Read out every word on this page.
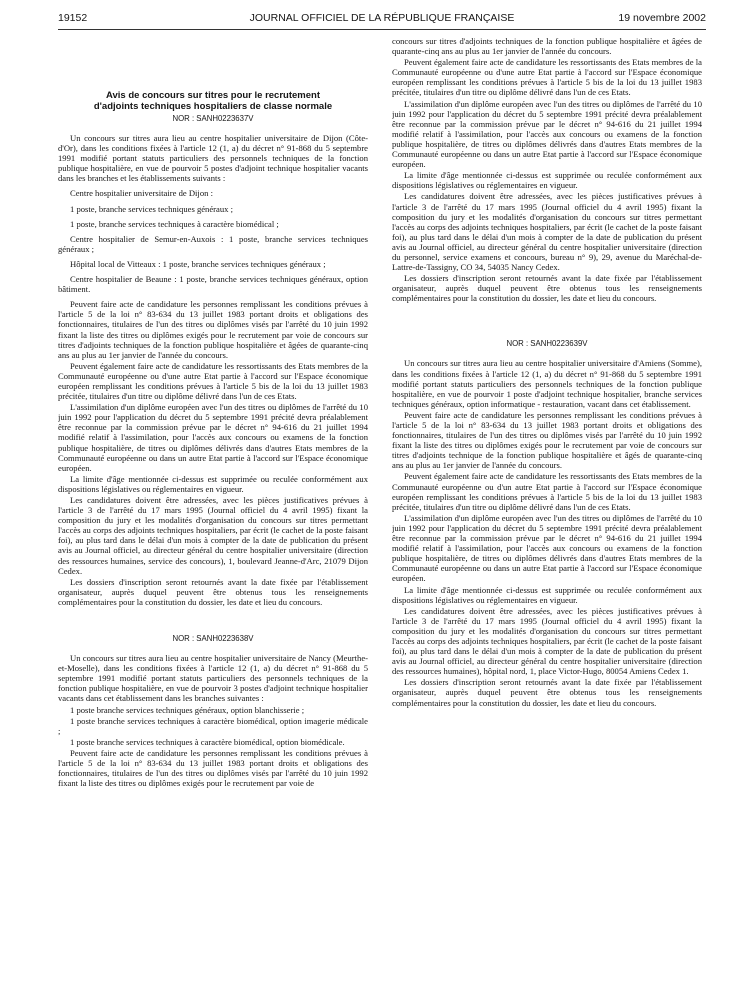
19152	JOURNAL OFFICIEL DE LA RÉPUBLIQUE FRANÇAISE	19 novembre 2002
Avis de concours sur titres pour le recrutement
d'adjoints techniques hospitaliers de classe normale
NOR : SANH0223637V

Un concours sur titres aura lieu au centre hospitalier universitaire de Dijon (Côte-d'Or), dans les conditions fixées à l'article 12 (1, a) du décret n° 91-868 du 5 septembre 1991 modifié portant statuts particuliers des personnels techniques de la fonction publique hospitalière, en vue de pourvoir 5 postes d'adjoint technique hospitalier vacants dans les branches et les établissements suivants :

Centre hospitalier universitaire de Dijon :

1 poste, branche services techniques généraux ;

1 poste, branche services techniques à caractère biomédical ;

Centre hospitalier de Semur-en-Auxois : 1 poste, branche services techniques généraux ;

Hôpital local de Vitteaux : 1 poste, branche services techniques généraux ;

Centre hospitalier de Beaune : 1 poste, branche services techniques généraux, option bâtiment.

Peuvent faire acte de candidature les personnes remplissant les conditions prévues à l'article 5 de la loi n° 83-634 du 13 juillet 1983 portant droits et obligations des fonctionnaires, titulaires de l'un des titres ou diplômes visés par l'arrêté du 10 juin 1992 fixant la liste des titres ou diplômes exigés pour le recrutement par voie de concours sur titres d'adjoints techniques de la fonction publique hospitalière et âgées de quarante-cinq ans au plus au 1er janvier de l'année du concours.

Peuvent également faire acte de candidature les ressortissants des Etats membres de la Communauté européenne ou d'une autre Etat partie à l'accord sur l'Espace économique européen remplissant les conditions prévues à l'article 5 bis de la loi du 13 juillet 1983 précitée, titulaires d'un titre ou diplôme délivré dans l'un de ces Etats.

L'assimilation d'un diplôme européen avec l'un des titres ou diplômes de l'arrêté du 10 juin 1992 pour l'application du décret du 5 septembre 1991 précité devra préalablement être reconnue par la commission prévue par le décret n° 94-616 du 21 juillet 1994 modifié relatif à l'assimilation, pour l'accès aux concours ou examens de la fonction publique hospitalière, de titres ou diplômes délivrés dans d'autres Etats membres de la Communauté européenne ou dans un autre Etat partie à l'accord sur l'Espace économique européen.

La limite d'âge mentionnée ci-dessus est supprimée ou reculée conformément aux dispositions législatives ou réglementaires en vigueur.

Les candidatures doivent être adressées, avec les pièces justificatives prévues à l'article 3 de l'arrêté du 17 mars 1995 (Journal officiel du 4 avril 1995) fixant la composition du jury et les modalités d'organisation du concours sur titres permettant l'accès au corps des adjoints techniques hospitaliers, par écrit (le cachet de la poste faisant foi), au plus tard dans le délai d'un mois à compter de la date de publication du présent avis au Journal officiel, au directeur général du centre hospitalier universitaire (direction des ressources humaines, service des concours), 1, boulevard Jeanne-d'Arc, 21079 Dijon Cedex.

Les dossiers d'inscription seront retournés avant la date fixée par l'établissement organisateur, auprès duquel peuvent être obtenus tous les renseignements complémentaires pour la constitution du dossier, les date et lieu du concours.

NOR : SANH0223638V

Un concours sur titres aura lieu au centre hospitalier universitaire de Nancy (Meurthe-et-Moselle), dans les conditions fixées à l'article 12 (1, a) du décret n° 91-868 du 5 septembre 1991 modifié portant statuts particuliers des personnels techniques de la fonction publique hospitalière, en vue de pourvoir 3 postes d'adjoint technique hospitalier vacants dans cet établissement dans les branches suivantes :

1 poste branche services techniques généraux, option blanchisserie ;

1 poste branche services techniques à caractère biomédical, option imagerie médicale ;

1 poste branche services techniques à caractère biomédical, option biomédicale.

Peuvent faire acte de candidature les personnes remplissant les conditions prévues à l'article 5 de la loi n° 83-634 du 13 juillet 1983 portant droits et obligations des fonctionnaires, titulaires de l'un des titres ou diplômes visés par l'arrêté du 10 juin 1992 fixant la liste des titres ou diplômes exigés pour le recrutement par voie de

concours sur titres d'adjoints techniques de la fonction publique hospitalière et âgées de quarante-cinq ans au plus au 1er janvier de l'année du concours.

Peuvent également faire acte de candidature les ressortissants des Etats membres de la Communauté européenne ou d'une autre Etat partie à l'accord sur l'Espace économique européen remplissant les conditions prévues à l'article 5 bis de la loi du 13 juillet 1983 précitée, titulaires d'un titre ou diplôme délivré dans l'un de ces Etats.

L'assimilation d'un diplôme européen avec l'un des titres ou diplômes de l'arrêté du 10 juin 1992 pour l'application du décret du 5 septembre 1991 précité devra préalablement être reconnue par la commission prévue par le décret n° 94-616 du 21 juillet 1994 modifié relatif à l'assimilation, pour l'accès aux concours ou examens de la fonction publique hospitalière, de titres ou diplômes délivrés dans d'autres Etats membres de la Communauté européenne ou dans un autre Etat partie à l'accord sur l'Espace économique européen.

La limite d'âge mentionnée ci-dessus est supprimée ou reculée conformément aux dispositions législatives ou réglementaires en vigueur.

Les candidatures doivent être adressées, avec les pièces justificatives prévues à l'article 3 de l'arrêté du 17 mars 1995 (Journal officiel du 4 avril 1995) fixant la composition du jury et les modalités d'organisation du concours sur titres permettant l'accès au corps des adjoints techniques hospitaliers, par écrit (le cachet de la poste faisant foi), au plus tard dans le délai d'un mois à compter de la date de publication du présent avis au Journal officiel, au directeur général du centre hospitalier universitaire (direction du personnel, service examens et concours, bureau n° 9), 29, avenue du Maréchal-de-Lattre-de-Tassigny, CO 34, 54035 Nancy Cedex.

Les dossiers d'inscription seront retournés avant la date fixée par l'établissement organisateur, auprès duquel peuvent être obtenus tous les renseignements complémentaires pour la constitution du dossier, les date et lieu du concours.

NOR : SANH0223639V

Un concours sur titres aura lieu au centre hospitalier universitaire d'Amiens (Somme), dans les conditions fixées à l'article 12 (1, a) du décret n° 91-868 du 5 septembre 1991 modifié portant statuts particuliers des personnels techniques de la fonction publique hospitalière, en vue de pourvoir 1 poste d'adjoint technique hospitalier, branche services techniques généraux, option informatique - restauration, vacant dans cet établissement.

Peuvent faire acte de candidature les personnes remplissant les conditions prévues à l'article 5 de la loi n° 83-634 du 13 juillet 1983 portant droits et obligations des fonctionnaires, titulaires de l'un des titres ou diplômes visés par l'arrêté du 10 juin 1992 fixant la liste des titres ou diplômes exigés pour le recrutement par voie de concours sur titres d'adjoints technique de la fonction publique hospitalière et âgés de quarante-cinq ans au plus au 1er janvier de l'année du concours.

Peuvent également faire acte de candidature les ressortissants des Etats membres de la Communauté européenne ou d'un autre Etat partie à l'accord sur l'Espace économique européen remplissant les conditions prévues à l'article 5 bis de la loi du 13 juillet 1983 précitée, titulaires d'un titre ou diplôme délivré dans l'un de ces Etats.

L'assimilation d'un diplôme européen avec l'un des titres ou diplômes de l'arrêté du 10 juin 1992 pour l'application du décret du 5 septembre 1991 précité devra préalablement être reconnue par la commission prévue par le décret n° 94-616 du 21 juillet 1994 modifié relatif à l'assimilation, pour l'accès aux concours ou examens de la fonction publique hospitalière, de titres ou diplômes délivrés dans d'autres Etats membres de la Communauté européenne ou dans un autre Etat partie à l'accord sur l'Espace économique européen.

La limite d'âge mentionnée ci-dessus est supprimée ou reculée conformément aux dispositions législatives ou réglementaires en vigueur.

Les candidatures doivent être adressées, avec les pièces justificatives prévues à l'article 3 de l'arrêté du 17 mars 1995 (Journal officiel du 4 avril 1995) fixant la composition du jury et les modalités d'organisation du concours sur titres permettant l'accès au corps des adjoints techniques hospitaliers, par écrit (le cachet de la poste faisant foi), au plus tard dans le délai d'un mois à compter de la date de publication du présent avis au Journal officiel, au directeur général du centre hospitalier universitaire (direction des ressources humaines), hôpital nord, 1, place Victor-Hugo, 80054 Amiens Cedex 1.

Les dossiers d'inscription seront retournés avant la date fixée par l'établissement organisateur, auprès duquel peuvent être obtenus tous les renseignements complémentaires pour la constitution du dossier, les date et lieu du concours.
